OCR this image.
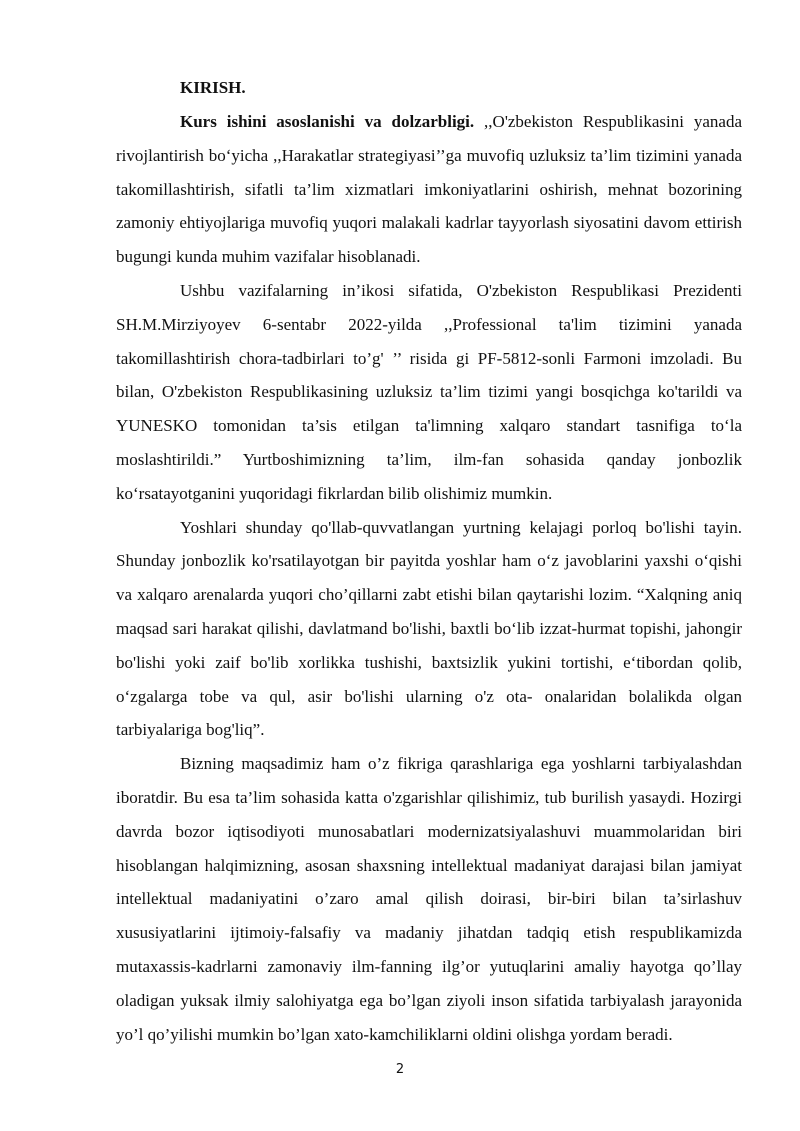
KIRISH.

Kurs ishini asoslanishi va dolzarbligi. ,,O'zbekiston Respublikasini yanada rivojlantirish bo‘yicha ,,Harakatlar strategiyasi’’ga muvofiq uzluksiz ta’lim tizimini yanada takomillashtirish, sifatli ta’lim xizmatlari imkoniyatlarini oshirish, mehnat bozorining zamoniy ehtiyojlariga muvofiq yuqori malakali kadrlar tayyorlash siyosatini davom ettirish bugungi kunda muhim vazifalar hisoblanadi.

Ushbu vazifalarning in’ikosi sifatida, O'zbekiston Respublikasi Prezidenti SH.M.Mirziyoyev 6-sentabr 2022-yilda ,,Professional ta'lim tizimini yanada takomillashtirish chora-tadbirlari to’g' ’’ risida gi PF-5812-sonli Farmoni imzoladi. Bu bilan, O'zbekiston Respublikasining uzluksiz ta’lim tizimi yangi bosqichga ko'tarildi va YUNESKO tomonidan ta’sis etilgan ta'limning xalqaro standart tasnifiga to‘la moslashtirildi.” Yurtboshimizning ta’lim, ilm-fan sohasida qanday jonbozlik ko‘rsatayotganini yuqoridagi fikrlardan bilib olishimiz mumkin.

Yoshlari shunday qo'llab-quvvatlangan yurtning kelajagi porloq bo'lishi tayin. Shunday jonbozlik ko'rsatilayotgan bir payitda yoshlar ham o‘z javoblarini yaxshi o‘qishi va xalqaro arenalarda yuqori cho’qillarni zabt etishi bilan qaytarishi lozim. “Xalqning aniq maqsad sari harakat qilishi, davlatmand bo'lishi, baxtli bo‘lib izzat-hurmat topishi, jahongir bo'lishi yoki zaif bo'lib xorlikka tushishi, baxtsizlik yukini tortishi, e‘tibordan qolib, o‘zgalarga tobe va qul, asir bo'lishi ularning o'z ota- onalaridan bolalikda olgan tarbiyalariga bog'liq”.

Bizning maqsadimiz ham o’z fikriga qarashlariga ega yoshlarni tarbiyalashdan iboratdir. Bu esa ta’lim sohasida katta o'zgarishlar qilishimiz, tub burilish yasaydi. Hozirgi davrda bozor iqtisodiyoti munosabatlari modernizatsiyalashuvi muammolaridan biri hisoblangan halqimizning, asosan shaxsning intellektual madaniyat darajasi bilan jamiyat intellektual madaniyatini o’zaro amal qilish doirasi, bir-biri bilan ta’sirlashuv xususiyatlarini ijtimoiy-falsafiy va madaniy jihatdan tadqiq etish respublikamizda mutaxassis-kadrlarni zamonaviy ilm-fanning ilg’or yutuqlarini amaliy hayotga qo’llay oladigan yuksak ilmiy salohiyatga ega bo’lgan ziyoli inson sifatida tarbiyalash jarayonida yo’l qo’yilishi mumkin bo’lgan xato-kamchiliklarni oldini olishga yordam beradi.

2
